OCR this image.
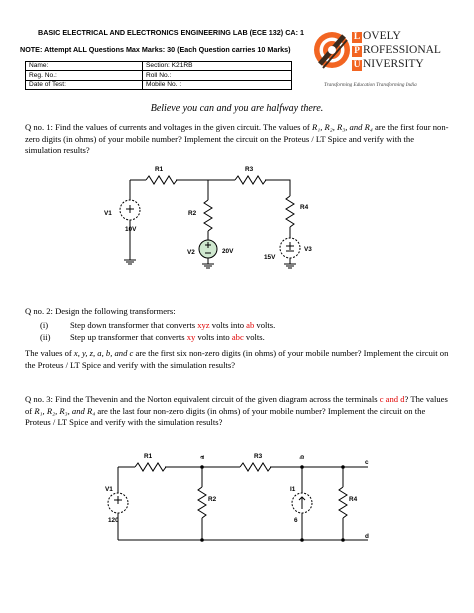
BASIC ELECTRICAL AND ELECTRONICS ENGINEERING LAB (ECE 132) CA: 1
NOTE: Attempt ALL Questions Max Marks: 30 (Each Question carries 10 Marks)
L OVELY
P ROFESSIONAL
U NIVERSITY
Transforming Education Transforming India
Name:	Section: K21RB
Reg. No.:	Roll No.:
Date of Test:	Mobile No. :
Believe you can and you are halfway there.
Q no. 1: Find the values of currents and voltages in the given circuit. The values of R₁, R₂, R₃, and R₄ are the first four non-zero digits (in ohms) of your mobile number? Implement the circuit on the Proteus / LT Spice and verify with the simulation results?
R1	R3
R4
R2
V1
10V
V2	20V	V3
15V
Q no. 2: Design the following transformers:
(i)	Step down transformer that converts xyz volts into ab volts.
(ii) Step up transformer that converts xy volts into abc volts.
The values of x, y, z, a, b, and c are the first six non-zero digits (in ohms) of your mobile number? Implement the circuit on the Proteus / LT Spice and verify with the simulation results?
Q no. 3: Find the Thevenin and the Norton equivalent circuit of the given diagram across the terminals c and d? The values of R₁, R₂, R₃, and R₄ are the last four non-zero digits (in ohms) of your mobile number? Implement the circuit on the Proteus / LT Spice and verify with the simulation results?
R1	R3
a	b
c
d
R2	R4
V1
120
I1
6
